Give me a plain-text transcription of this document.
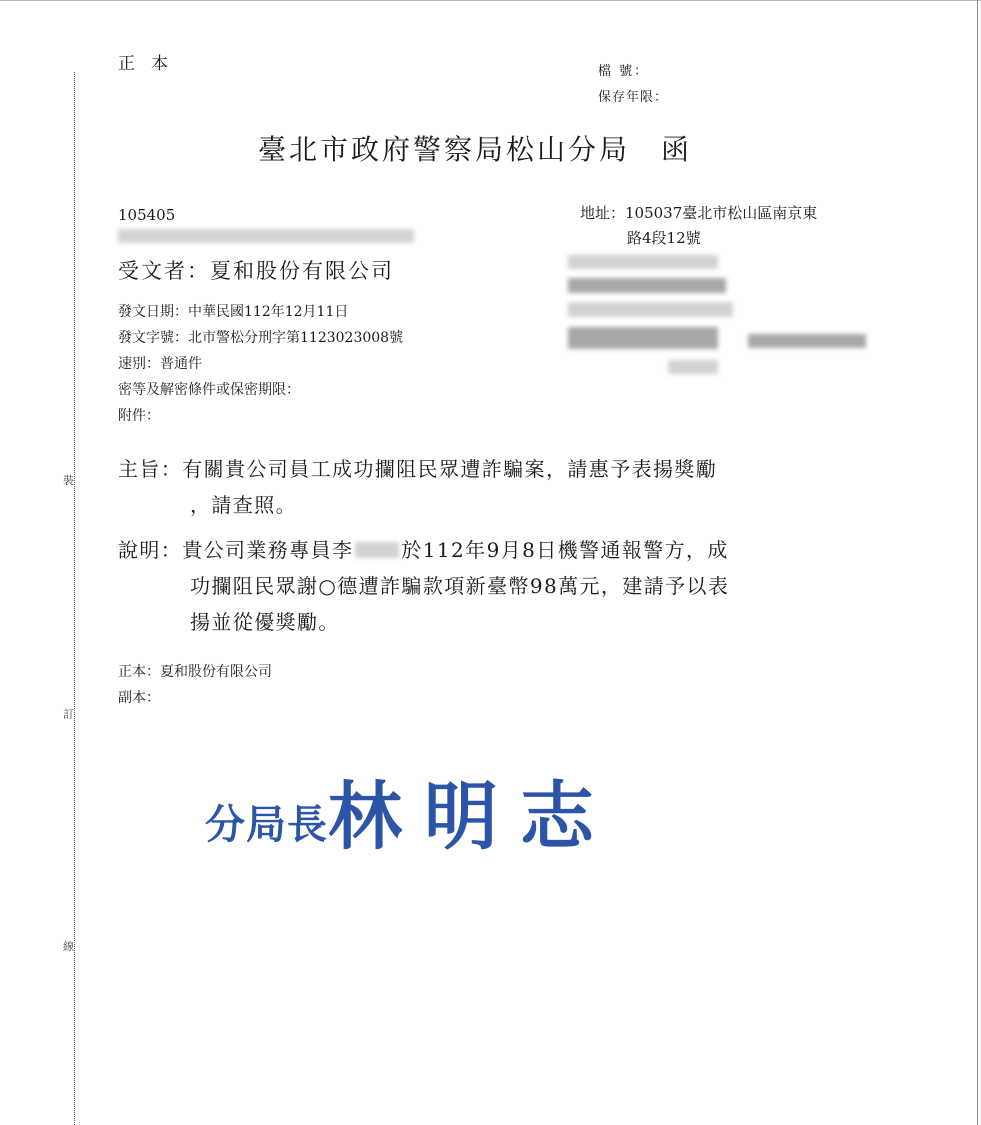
裝
訂
線
正本	檔 號：
保存年限：
臺北市政府警察局松山分局　函
105405	地址：105037臺北市松山區南京東
路4段12號
受文者：夏和股份有限公司
發文日期：中華民國112年12月11日
發文字號：北市警松分刑字第1123023008號
速別：普通件
密等及解密條件或保密期限：
附件：
主旨：有關貴公司員工成功攔阻民眾遭詐騙案，請惠予表揚獎勵
，請查照。
說明：貴公司業務專員李 於112年9月8日機警通報警方，成
功攔阻民眾謝○德遭詐騙款項新臺幣98萬元，建請予以表
揚並從優獎勵。
正本：夏和股份有限公司
副本：
分局長林明志
